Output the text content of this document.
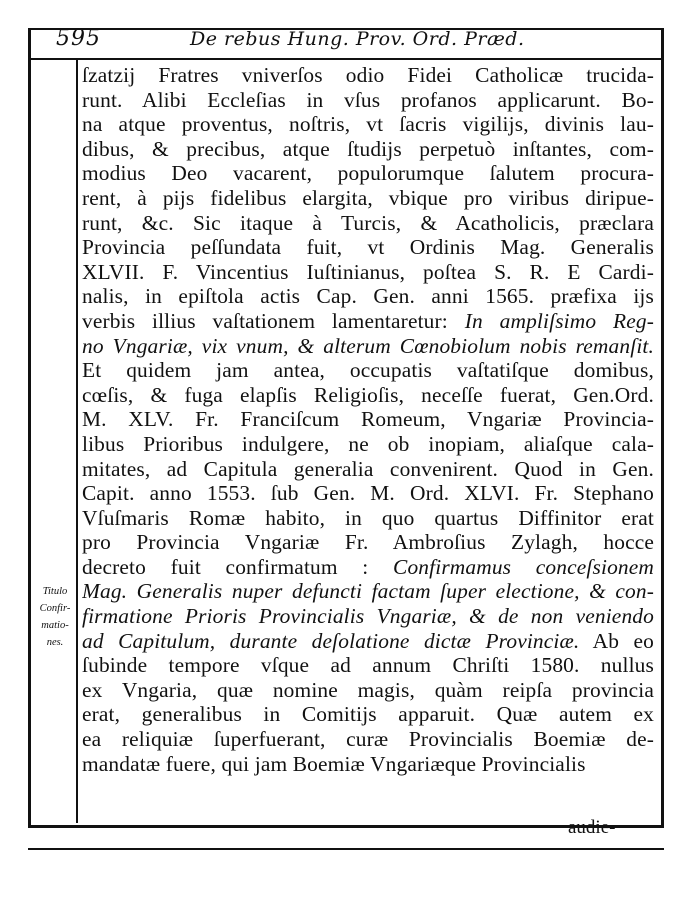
595	De rebus Hung. Prov. Ord. Præd.
Titulo
Confir-
matio-
nes.
ſzatzij Fratres vniverſos odio Fidei Catholicæ trucida-
runt. Alibi Eccleſias in vſus profanos applicarunt. Bo-
na atque proventus, noſtris, vt ſacris vigilijs, divinis lau-
dibus, & precibus, atque ſtudijs perpetuò inſtantes, com-
modius Deo vacarent, populorumque ſalutem procura-
rent, à pijs fidelibus elargita, vbique pro viribus diripue-
runt, &c. Sic itaque à Turcis, & Acatholicis, præclara
Provincia peſſundata fuit, vt Ordinis Mag. Generalis
XLVII. F. Vincentius Iuſtinianus, poſtea S. R. E Cardi-
nalis, in epiſtola actis Cap. Gen. anni 1565. præfixa ijs
verbis illius vaſtationem lamentaretur: In ampliſsimo Reg-
no Vngariæ, vix vnum, & alterum Cœnobiolum nobis remanſit.
Et quidem jam antea, occupatis vaſtatiſque domibus,
cœſis, & fuga elapſis Religioſis, neceſſe fuerat, Gen.Ord.
M. XLV. Fr. Franciſcum Romeum, Vngariæ Provincia-
libus Prioribus indulgere, ne ob inopiam, aliaſque cala-
mitates, ad Capitula generalia convenirent. Quod in Gen.
Capit. anno 1553. ſub Gen. M. Ord. XLVI. Fr. Stephano
Vſuſmaris Romæ habito, in quo quartus Diffinitor erat
pro Provincia Vngariæ Fr. Ambroſius Zylagh, hocce
decreto fuit confirmatum : Confirmamus conceſsionem
Mag. Generalis nuper defuncti factam ſuper electione, & con-
firmatione Prioris Provincialis Vngariæ, & de non veniendo
ad Capitulum, durante deſolatione dictæ Provinciæ. Ab eo
ſubinde tempore vſque ad annum Chriſti 1580. nullus
ex Vngaria, quæ nomine magis, quàm reipſa provincia
erat, generalibus in Comitijs apparuit. Quæ autem ex
ea reliquiæ ſuperfuerant, curæ Provincialis Boemiæ de-
mandatæ fuere, qui jam Boemiæ Vngariæque Provincialis
audie-
